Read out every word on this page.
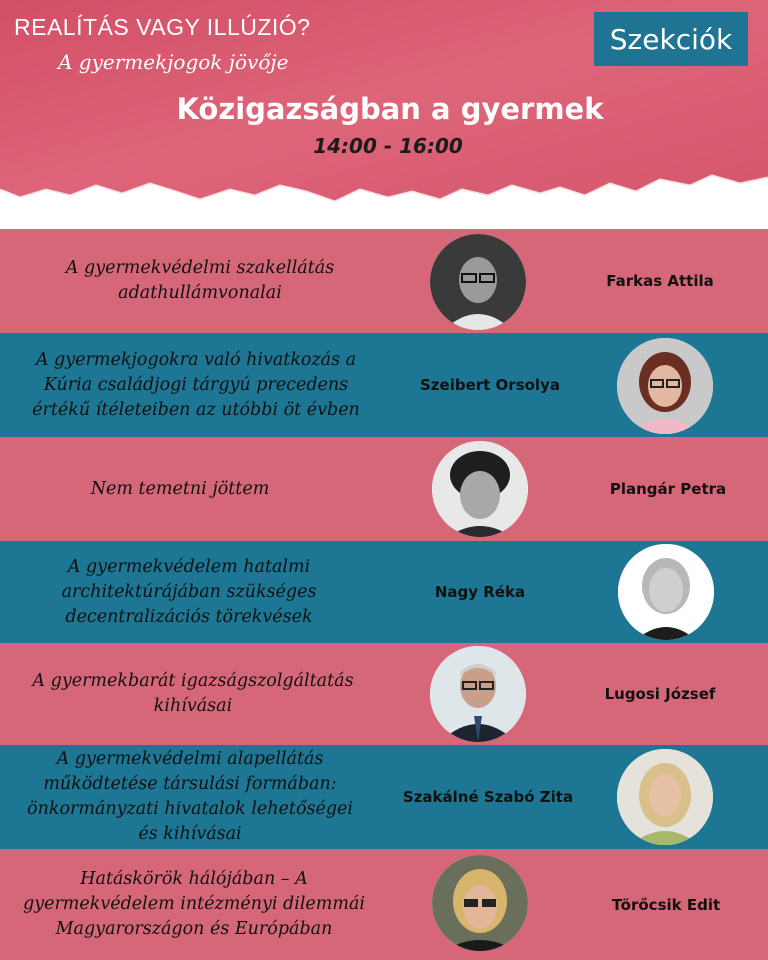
REALÍTÁS VAGY ILLÚZIÓ?
A gyermekjogok jövője
Szekciók
Közigazságban a gyermek
14:00 - 16:00
A gyermekvédelmi szakellátás
adathullámvonalai
Farkas Attila
A gyermekjogokra való hivatkozás a
Kúria családjogi tárgyú precedens
értékű ítéleteiben az utóbbi öt évben
Szeibert Orsolya
Nem temetni jöttem	Plangár Petra
A gyermekvédelem hatalmi
architektúrájában szükséges
decentralizációs törekvések
Nagy Réka
A gyermekbarát igazságszolgáltatás
kihívásai
Lugosi József
A gyermekvédelmi alapellátás
működtetése társulási formában:
önkormányzati hivatalok lehetőségei
és kihívásai
Szakálné Szabó Zita
Hatáskörök hálójában – A
gyermekvédelem intézményi dilemmái
Magyarországon és Európában
Törőcsik Edit
